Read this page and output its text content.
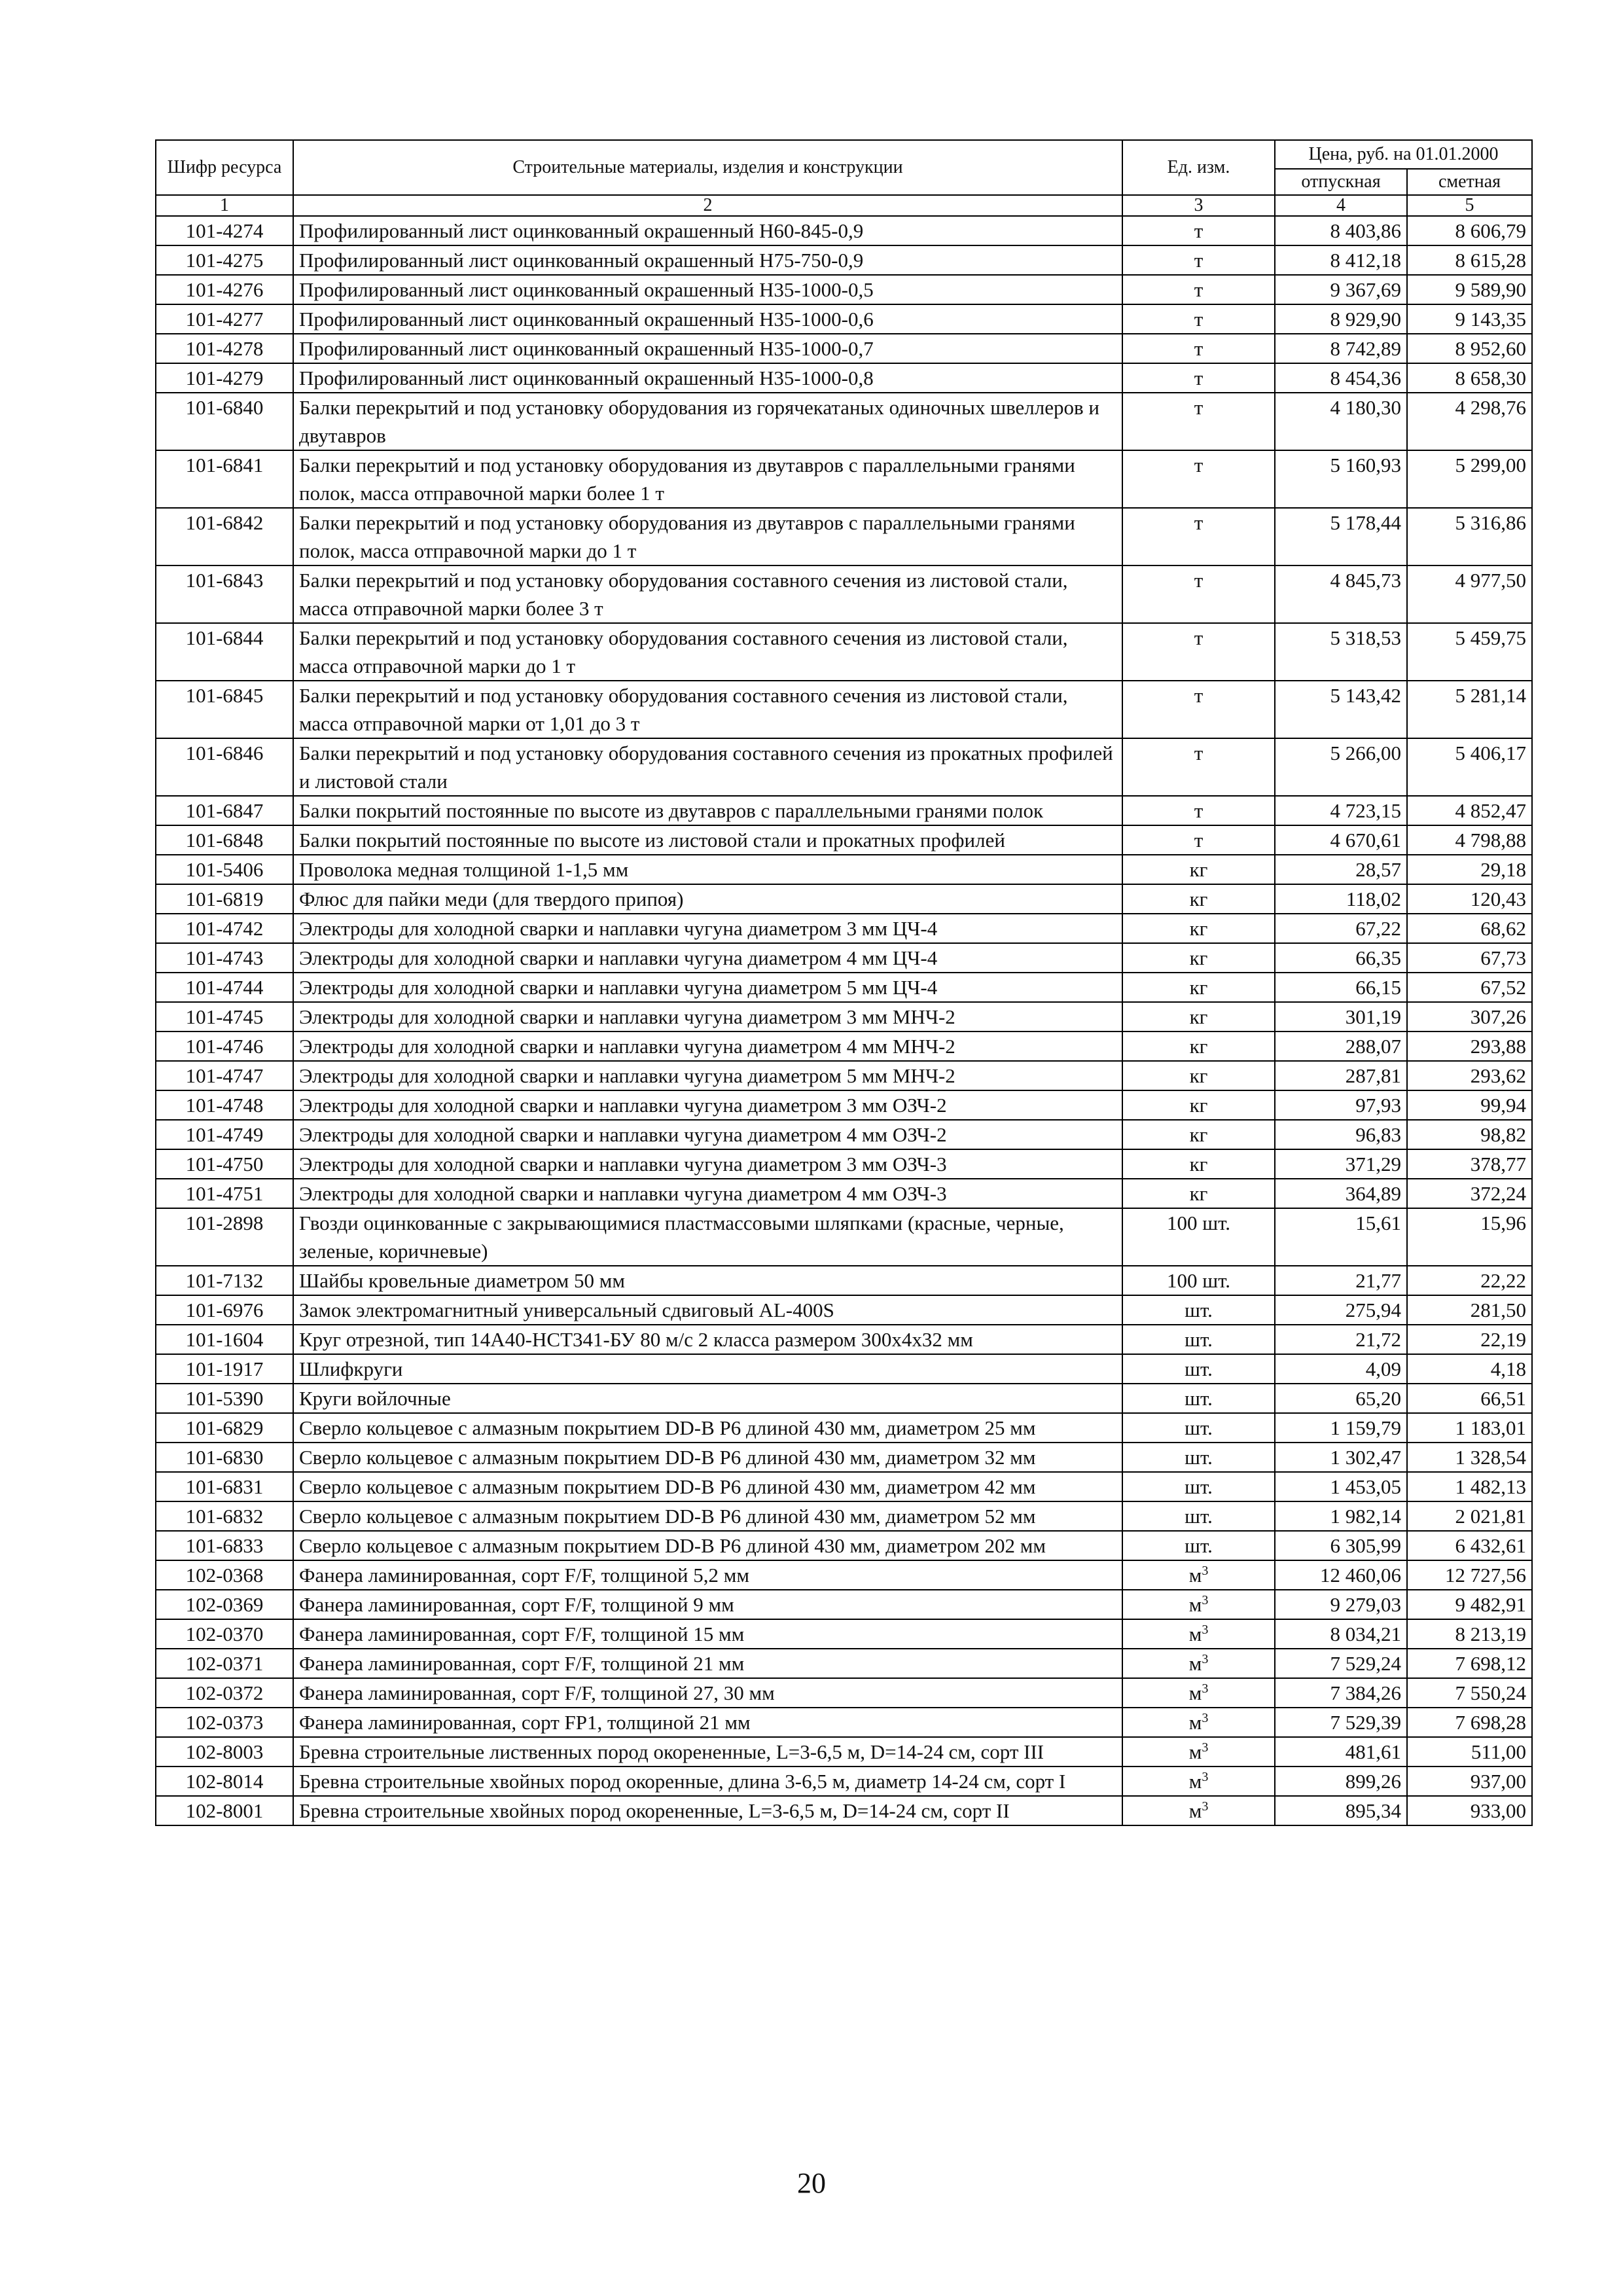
Шифр ресурса	Строительные материалы, изделия и конструкции	Ед. изм.	Цена, руб. на 01.01.2000	
			отпускная	сметная
1	2	3	4	5
101-4274	Профилированный лист оцинкованный окрашенный Н60-845-0,9	т	8 403,86	8 606,79
101-4275	Профилированный лист оцинкованный окрашенный Н75-750-0,9	т	8 412,18	8 615,28
101-4276	Профилированный лист оцинкованный окрашенный Н35-1000-0,5	т	9 367,69	9 589,90
101-4277	Профилированный лист оцинкованный окрашенный Н35-1000-0,6	т	8 929,90	9 143,35
101-4278	Профилированный лист оцинкованный окрашенный Н35-1000-0,7	т	8 742,89	8 952,60
101-4279	Профилированный лист оцинкованный окрашенный Н35-1000-0,8	т	8 454,36	8 658,30
101-6840	Балки перекрытий и под установку оборудования из горячекатаных одиночных швеллеров и двутавров	т	4 180,30	4 298,76
101-6841	Балки перекрытий и под установку оборудования из двутавров с параллельными гранями полок, масса отправочной марки более 1 т	т	5 160,93	5 299,00
101-6842	Балки перекрытий и под установку оборудования из двутавров с параллельными гранями полок, масса отправочной марки до 1 т	т	5 178,44	5 316,86
101-6843	Балки перекрытий и под установку оборудования составного сечения из листовой стали, масса отправочной марки более 3 т	т	4 845,73	4 977,50
101-6844	Балки перекрытий и под установку оборудования составного сечения из листовой стали, масса отправочной марки до 1 т	т	5 318,53	5 459,75
101-6845	Балки перекрытий и под установку оборудования составного сечения из листовой стали, масса отправочной марки от 1,01 до 3 т	т	5 143,42	5 281,14
101-6846	Балки перекрытий и под установку оборудования составного сечения из прокатных профилей и листовой стали	т	5 266,00	5 406,17
101-6847	Балки покрытий постоянные по высоте из двутавров с параллельными гранями полок	т	4 723,15	4 852,47
101-6848	Балки покрытий постоянные по высоте из листовой стали и прокатных профилей	т	4 670,61	4 798,88
101-5406	Проволока медная толщиной 1-1,5 мм	кг	28,57	29,18
101-6819	Флюс для пайки меди (для твердого припоя)	кг	118,02	120,43
101-4742	Электроды для холодной сварки и наплавки чугуна диаметром 3 мм ЦЧ-4	кг	67,22	68,62
101-4743	Электроды для холодной сварки и наплавки чугуна диаметром 4 мм ЦЧ-4	кг	66,35	67,73
101-4744	Электроды для холодной сварки и наплавки чугуна диаметром 5 мм ЦЧ-4	кг	66,15	67,52
101-4745	Электроды для холодной сварки и наплавки чугуна диаметром 3 мм МНЧ-2	кг	301,19	307,26
101-4746	Электроды для холодной сварки и наплавки чугуна диаметром 4 мм МНЧ-2	кг	288,07	293,88
101-4747	Электроды для холодной сварки и наплавки чугуна диаметром 5 мм МНЧ-2	кг	287,81	293,62
101-4748	Электроды для холодной сварки и наплавки чугуна диаметром 3 мм ОЗЧ-2	кг	97,93	99,94
101-4749	Электроды для холодной сварки и наплавки чугуна диаметром 4 мм ОЗЧ-2	кг	96,83	98,82
101-4750	Электроды для холодной сварки и наплавки чугуна диаметром 3 мм ОЗЧ-3	кг	371,29	378,77
101-4751	Электроды для холодной сварки и наплавки чугуна диаметром 4 мм ОЗЧ-3	кг	364,89	372,24
101-2898	Гвозди оцинкованные с закрывающимися пластмассовыми шляпками (красные, черные, зеленые, коричневые)	100 шт.	15,61	15,96
101-7132	Шайбы кровельные диаметром 50 мм	100 шт.	21,77	22,22
101-6976	Замок электромагнитный универсальный сдвиговый AL-400S	шт.	275,94	281,50
101-1604	Круг отрезной, тип 14А40-НСТ341-БУ 80 м/с 2 класса размером 300х4х32 мм	шт.	21,72	22,19
101-1917	Шлифкруги	шт.	4,09	4,18
101-5390	Круги войлочные	шт.	65,20	66,51
101-6829	Сверло кольцевое с алмазным покрытием DD-B P6 длиной 430 мм, диаметром 25 мм	шт.	1 159,79	1 183,01
101-6830	Сверло кольцевое с алмазным покрытием DD-B P6 длиной 430 мм, диаметром 32 мм	шт.	1 302,47	1 328,54
101-6831	Сверло кольцевое с алмазным покрытием DD-B P6 длиной 430 мм, диаметром 42 мм	шт.	1 453,05	1 482,13
101-6832	Сверло кольцевое с алмазным покрытием DD-B P6 длиной 430 мм, диаметром 52 мм	шт.	1 982,14	2 021,81
101-6833	Сверло кольцевое с алмазным покрытием DD-B P6 длиной 430 мм, диаметром 202 мм	шт.	6 305,99	6 432,61
102-0368	Фанера ламинированная, сорт F/F, толщиной 5,2 мм	$м^3$	12 460,06	12 727,56
102-0369	Фанера ламинированная, сорт F/F, толщиной 9 мм	$м^3$	9 279,03	9 482,91
102-0370	Фанера ламинированная, сорт F/F, толщиной 15 мм	$м^3$	8 034,21	8 213,19
102-0371	Фанера ламинированная, сорт F/F, толщиной 21 мм	$м^3$	7 529,24	7 698,12
102-0372	Фанера ламинированная, сорт F/F, толщиной 27, 30 мм	$м^3$	7 384,26	7 550,24
102-0373	Фанера ламинированная, сорт FP1, толщиной 21 мм	$м^3$	7 529,39	7 698,28
102-8003	Бревна строительные лиственных пород окорененные, L=3-6,5 м, D=14-24 см, сорт III	$м^3$	481,61	511,00
102-8014	Бревна строительные хвойных пород окоренные, длина 3-6,5 м, диаметр 14-24 см, сорт I	$м^3$	899,26	937,00
102-8001	Бревна строительные хвойных пород окорененные, L=3-6,5 м, D=14-24 см, сорт II	$м^3$	895,34	933,00
20
